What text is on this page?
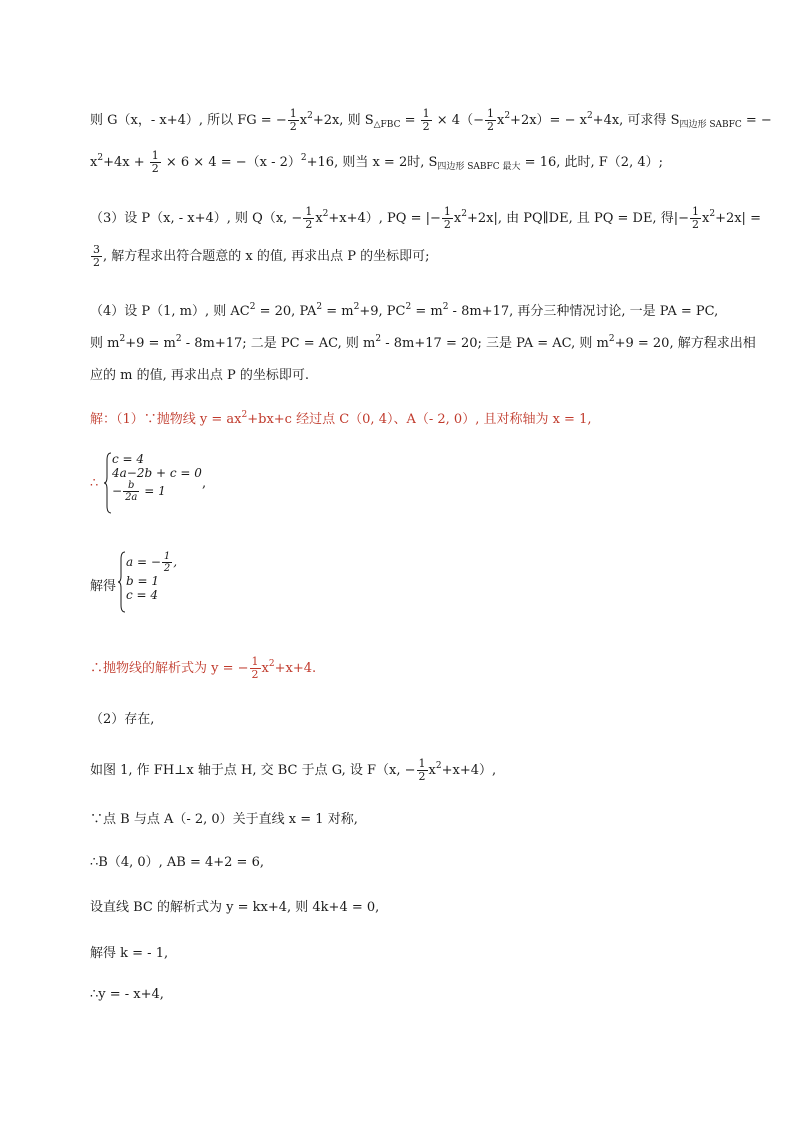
则 G（x，- x+4）, 所以 FG = − $\frac{1}{2} x^2+2x$, 则 $S_{\triangle FBC} = \frac{1}{2} \times 4(- \frac{1}{2} x^2+2x)= - x^2+4x$, 可求得 $S_{四边形 SABFC}$ = −
$x^2+4x + \frac{1}{2} \times 6 \times 4 = -(x - 2)^2+16$, 则当 x = 2时, $S_{四边形 SABFC 最大} = 16$, 此时, F（2, 4）;
（3）设 P（x, - x+4）, 则 Q（x, − $\frac{1}{2} x^2+x+4$）, PQ = |− $\frac{1}{2} x^2+2x|$, 由 PQ∥DE, 且 PQ = DE, 得|− $\frac{1}{2} x^2+2x|$ =
$\frac{3}{2}$ , 解方程求出符合题意的 x 的值, 再求出点 P 的坐标即可;
（4）设 P（1, m）, 则 $AC^2 = 20$, $PA^2 = m^2+9$, $PC^2 = m^2 - 8m+17$, 再分三种情况讨论, 一是 PA = PC,
则 $m^2+9 = m^2 - 8m+17$; 二是 PC = AC, 则 $m^2 - 8m+17 = 20$; 三是 PA = AC, 则 $m^2+9 = 20$, 解方程求出相
应的 m 的值, 再求出点 P 的坐标即可.
解：（1）∵抛物线 $y = ax^2+bx+c$ 经过点 C（0, 4）、A（- 2, 0）, 且对称轴为 x = 1,
∴
c = 4
4a−2b + c = 0
− $\frac{b}{2a} = 1$	,
解得
a = − $\frac{1}{2}$ ,
b = 1
c = 4
∴抛物线的解析式为 y = − $\frac{1}{2} x^2+x+4$.
（2）存在,
如图 1, 作 FH⊥x 轴于点 H, 交 BC 于点 G, 设 F（x, − $\frac{1}{2} x^2+x+4$）,
∵点 B 与点 A（- 2, 0）关于直线 x = 1 对称,
∴B（4, 0）, AB = 4+2 = 6,
设直线 BC 的解析式为 y = kx+4, 则 4k+4 = 0,
解得 k = - 1,
∴y = - x+4,
